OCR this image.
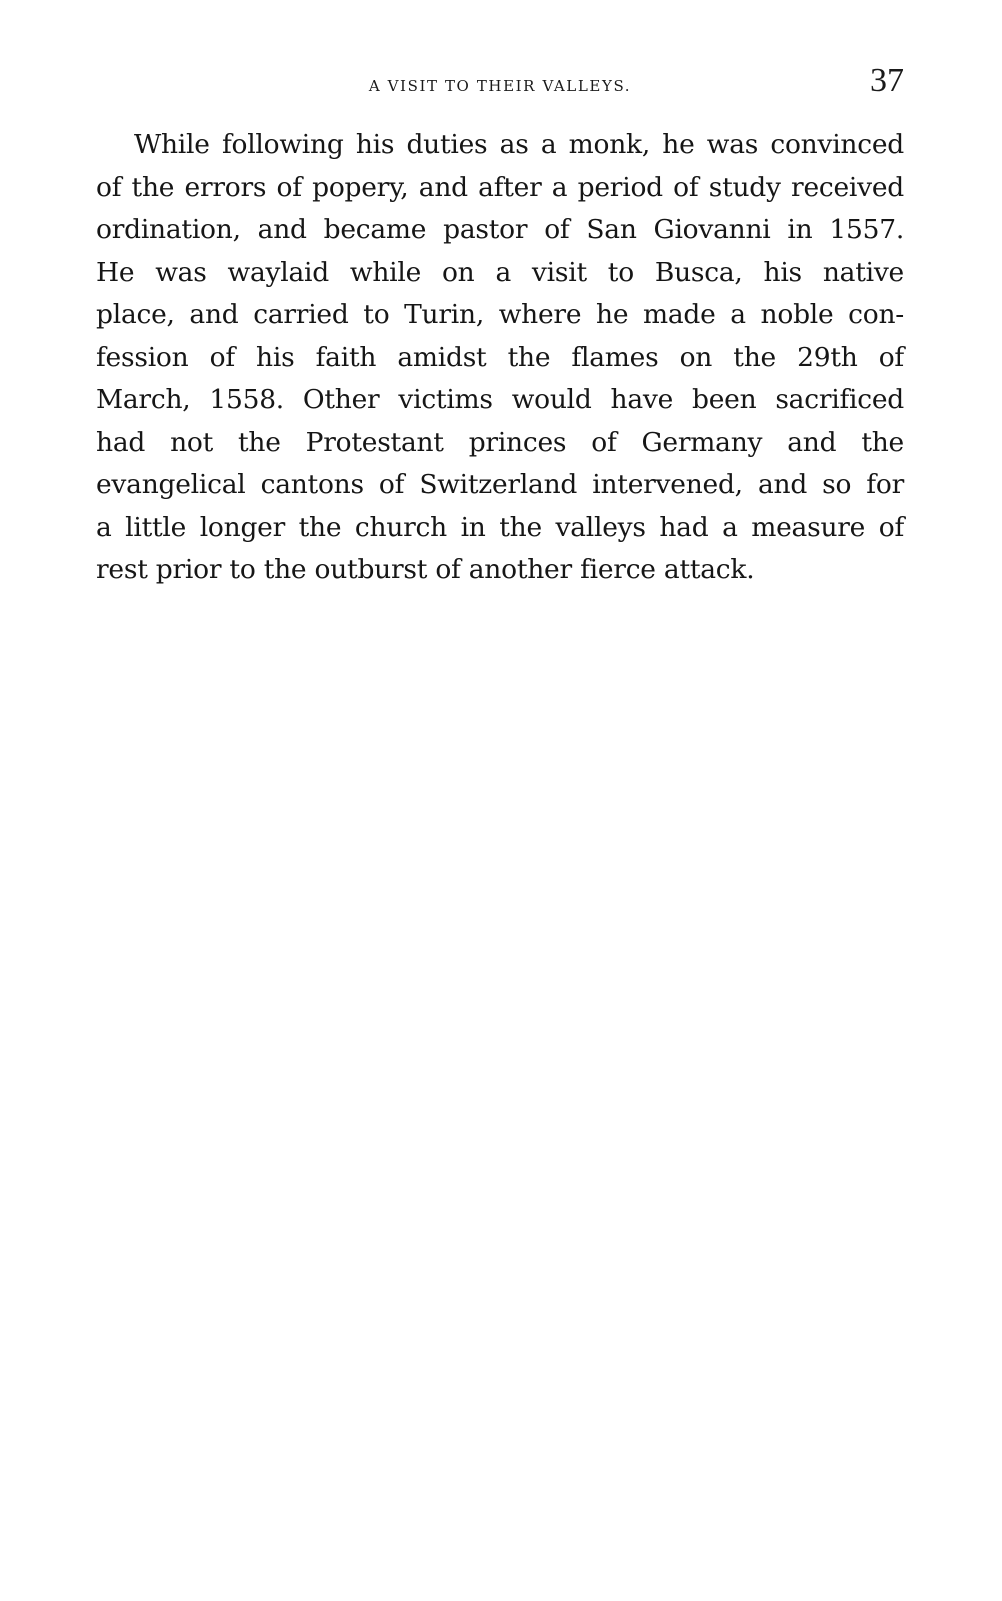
A VISIT TO THEIR VALLEYS.	37
While following his duties as a monk, he was convinced
of the errors of popery, and after a period of study received
ordination, and became pastor of San Giovanni in 1557.
He was waylaid while on a visit to Busca, his native
place, and carried to Turin, where he made a noble con-
fession of his faith amidst the flames on the 29th of
March, 1558. Other victims would have been sacrificed
had not the Protestant princes of Germany and the
evangelical cantons of Switzerland intervened, and so for
a little longer the church in the valleys had a measure of
rest prior to the outburst of another fierce attack.
